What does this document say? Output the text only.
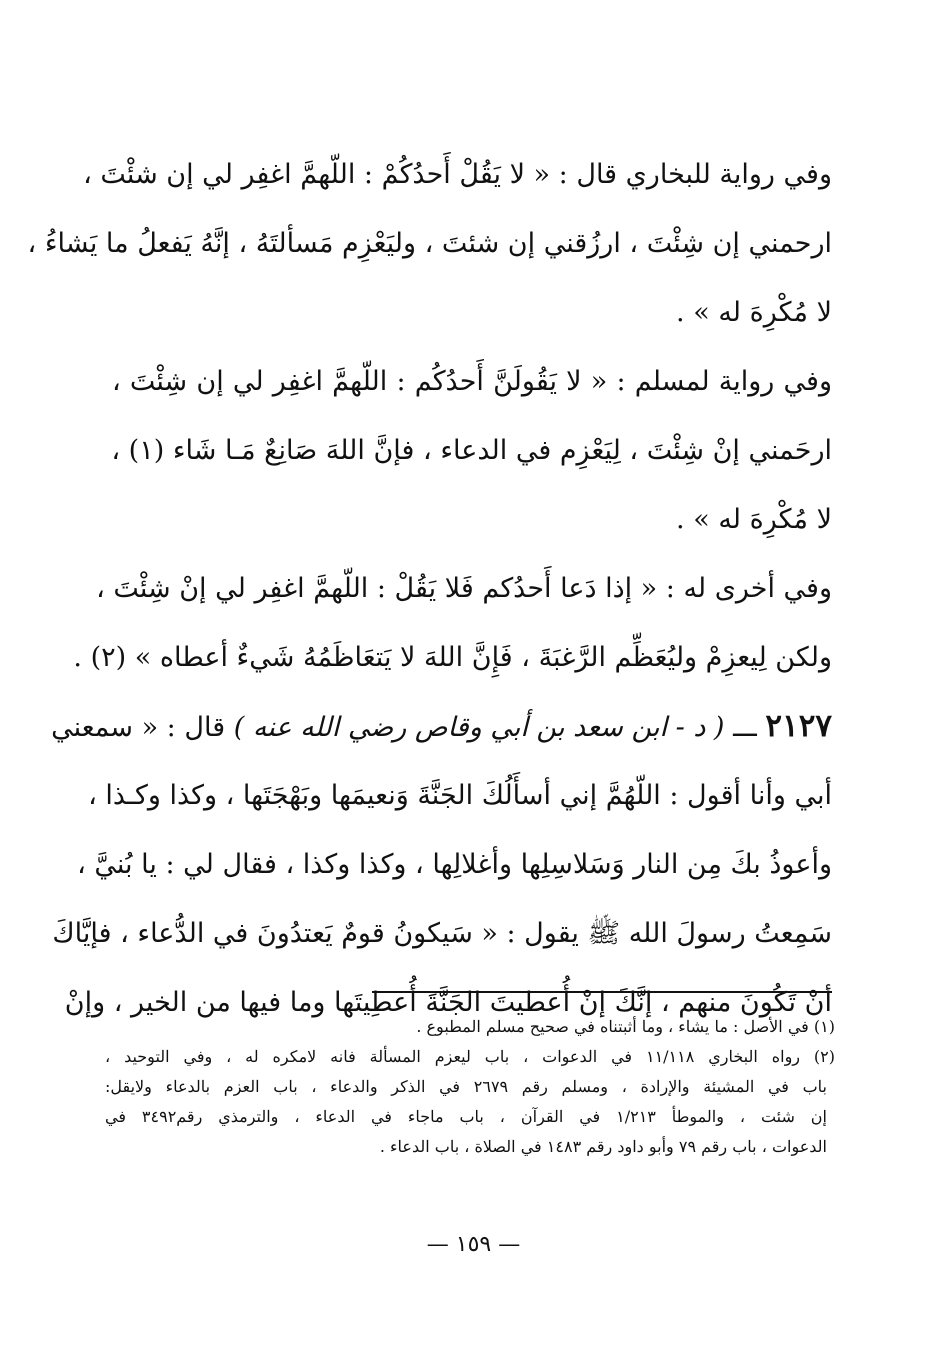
وفي رواية للبخاري قال : « لا يَقُلْ أَحدُكُمْ : اللّهمَّ اغفِر لي إن شئْتَ ،
ارحمني إن شِئْتَ ، ارزُقني إن شئتَ ، وليَعْزِم مَسألتَهُ ، إنَّهُ يَفعلُ ما يَشاءُ ،
لا مُكْرِهَ له » .
وفي رواية لمسلم : « لا يَقُولَنَّ أَحدُكُم : اللّهمَّ اغفِر لي إن شِئْتَ ،
ارحَمني إنْ شِئْتَ ، لِيَعْزِم في الدعاء ، فإنَّ اللهَ صَانِعٌ مَـا شَاء (١) ،
لا مُكْرِهَ له » .
وفي أخرى له : « إذا دَعا أَحدُكم فَلا يَقُلْ : اللّهمَّ اغفِر لي إنْ شِئْتَ ،
ولكن لِيعزِمْ وليُعَظِّم الرَّغبَةَ ، فَإِنَّ اللهَ لا يَتعَاظَمُهُ شَيءٌ أعطاه » (٢) .
٢١٢٧ ـــ ( د - ابن سعد بن أبي وقاص رضي الله عنه ) قال : « سمعني
أبي وأنا أقول : اللّهُمَّ إني أسأَلُكَ الجَنَّةَ وَنعيمَها وبَهْجَتَها ، وكذا وكـذا ،
وأعوذُ بكَ مِن النار وَسَلاسِلِها وأغلالِها ، وكذا وكذا ، فقال لي : يا بُنيَّ ،
سَمِعتُ رسولَ الله ﷺ يقول : « سَيكونُ قومٌ يَعتدُونَ في الدُّعاء ، فإيَّاكَ
أنْ تَكُونَ منهم ، إنَّكَ إنْ أُعطيتَ الجَنَّةَ أُعطِيتَها وما فيها من الخير ، وإنْ
(١) في الأصل : ما يشاء ، وما أثبتناه في صحيح مسلم المطبوع .
(٢) رواه البخاري ١١/١١٨ في الدعوات ، باب ليعزم المسألة فانه لامكره له ، وفي التوحيد ،
باب في المشيئة والإرادة ، ومسلم رقم ٢٦٧٩ في الذكر والدعاء ، باب العزم بالدعاء ولايقل:
إن شئت ، والموطأ ١/٢١٣ في القرآن ، باب ماجاء في الدعاء ، والترمذي رقم٣٤٩٢ في
الدعوات ، باب رقم ٧٩ وأبو داود رقم ١٤٨٣ في الصلاة ، باب الدعاء .
— ١٥٩ —
